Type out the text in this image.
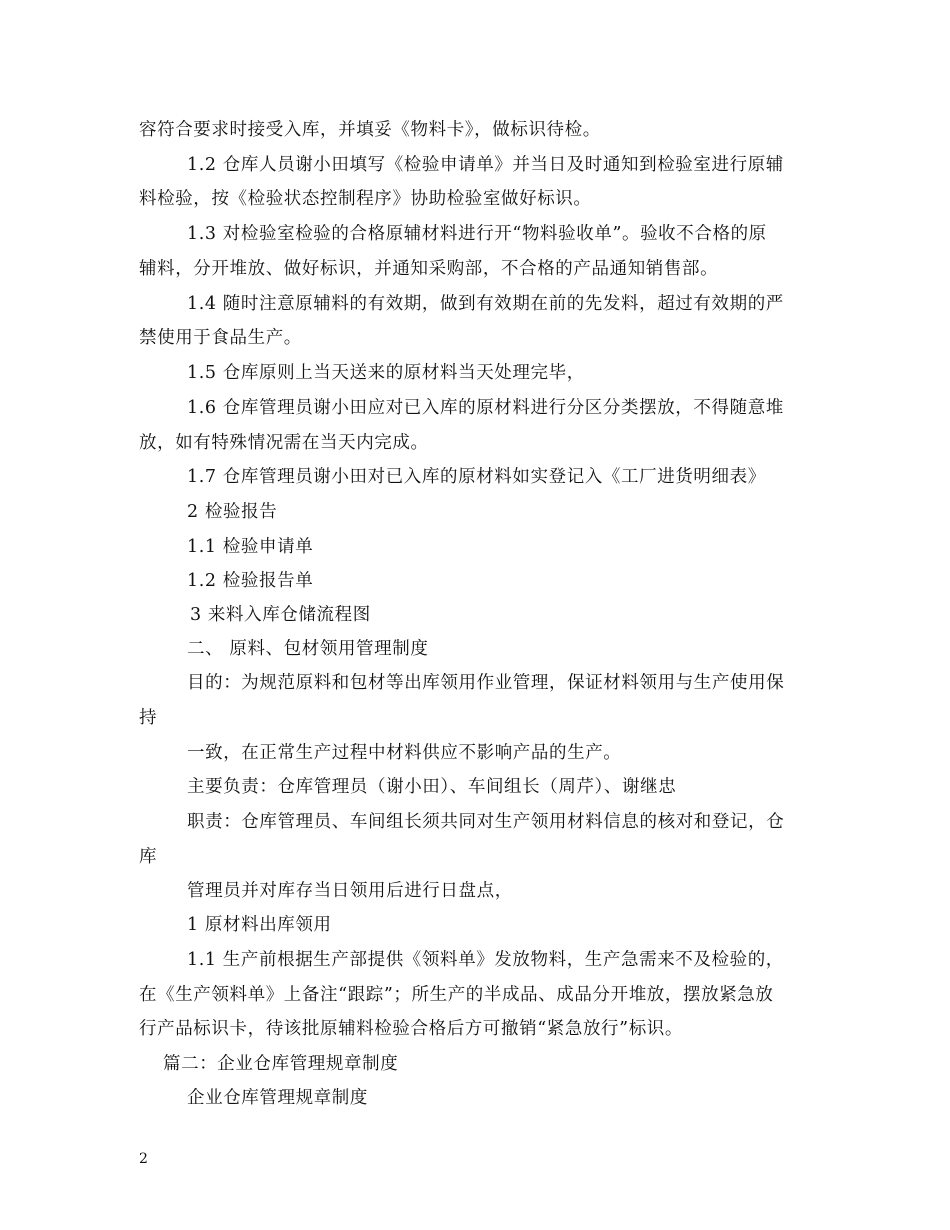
容符合要求时接受入库，并填妥《物料卡》，做标识待检。
1.2 仓库人员谢小田填写《检验申请单》并当日及时通知到检验室进行原辅
料检验，按《检验状态控制程序》协助检验室做好标识。
1.3 对检验室检验的合格原辅材料进行开“物料验收单”。验收不合格的原
辅料，分开堆放、做好标识，并通知采购部，不合格的产品通知销售部。
1.4 随时注意原辅料的有效期，做到有效期在前的先发料，超过有效期的严
禁使用于食品生产。
1.5 仓库原则上当天送来的原材料当天处理完毕，
1.6 仓库管理员谢小田应对已入库的原材料进行分区分类摆放，不得随意堆
放，如有特殊情况需在当天内完成。
1.7 仓库管理员谢小田对已入库的原材料如实登记入《工厂进货明细表》
2 检验报告
1.1 检验申请单
1.2 检验报告单
3 来料入库仓储流程图
二、 原料、包材领用管理制度
目的：为规范原料和包材等出库领用作业管理，保证材料领用与生产使用保
持
一致，在正常生产过程中材料供应不影响产品的生产。
主要负责：仓库管理员（谢小田）、车间组长（周芹）、谢继忠
职责：仓库管理员、车间组长须共同对生产领用材料信息的核对和登记，仓
库
管理员并对库存当日领用后进行日盘点，
1 原材料出库领用
1.1 生产前根据生产部提供《领料单》发放物料，生产急需来不及检验的，
在《生产领料单》上备注“跟踪”；所生产的半成品、成品分开堆放，摆放紧急放
行产品标识卡，待该批原辅料检验合格后方可撤销“紧急放行”标识。
篇二：企业仓库管理规章制度
企业仓库管理规章制度
2
